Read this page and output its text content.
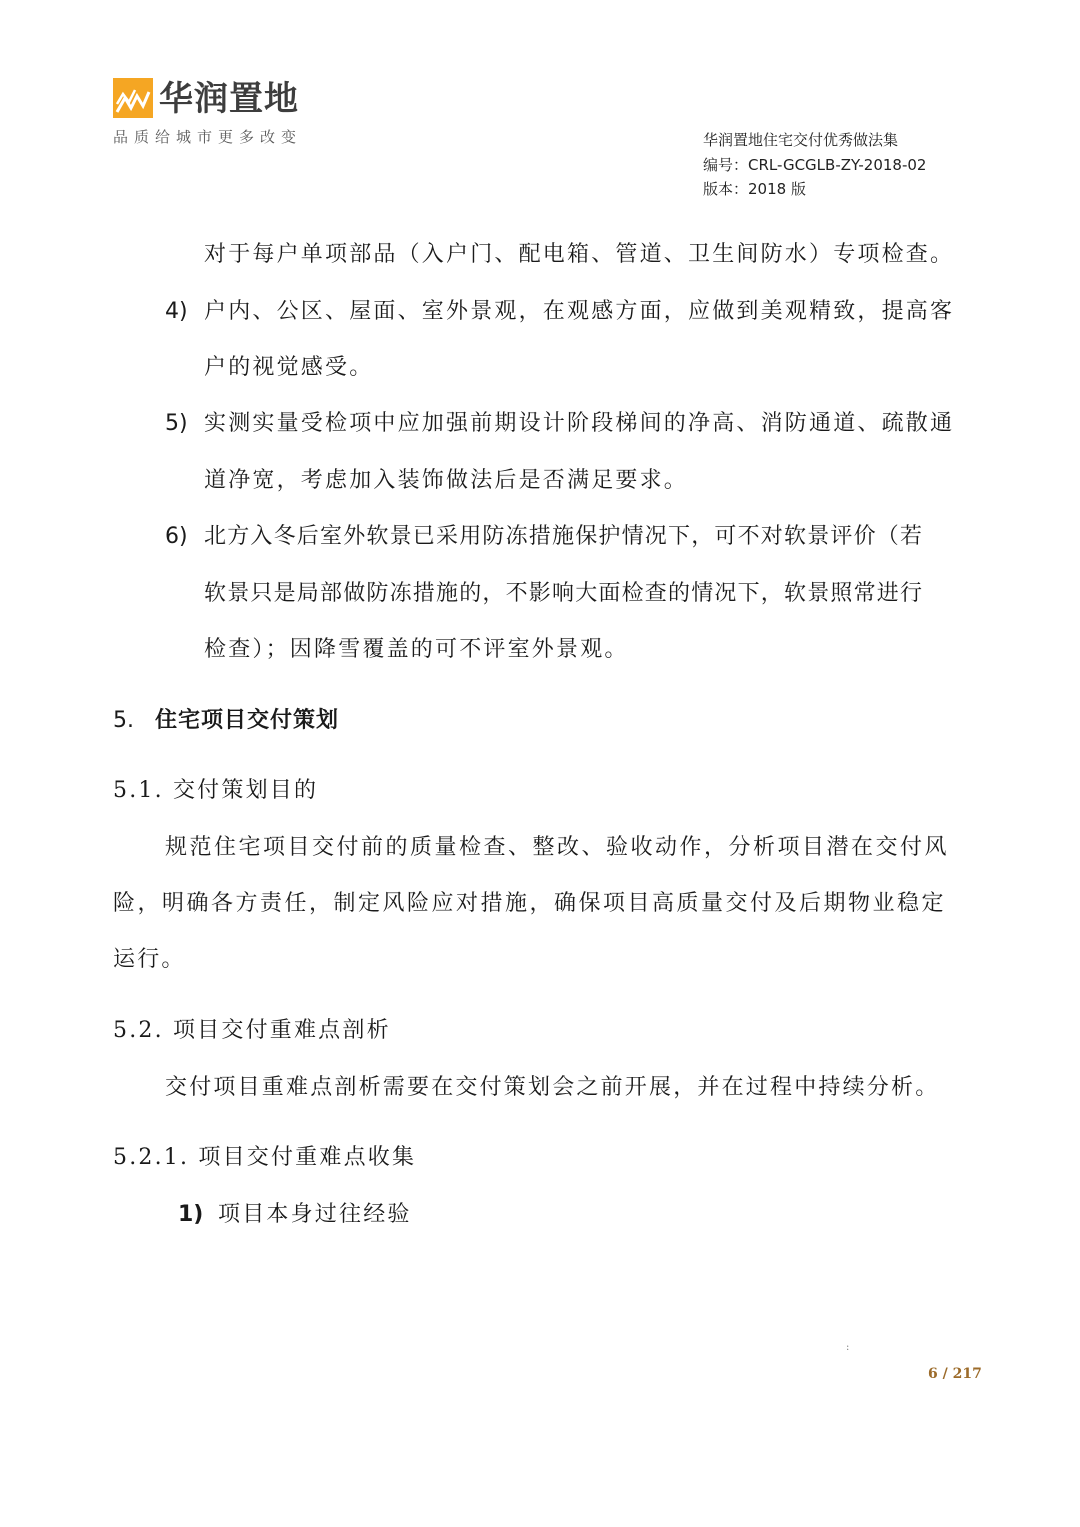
华润置地
品质给城市更多改变	华润置地住宅交付优秀做法集
编号：CRL-GCGLB-ZY-2018-02
版本：2018 版
对于每户单项部品（入户门、配电箱、管道、卫生间防水）专项检查。
4) 户内、公区、屋面、室外景观，在观感方面，应做到美观精致，提高客
户的视觉感受。
5) 实测实量受检项中应加强前期设计阶段梯间的净高、消防通道、疏散通
道净宽，考虑加入装饰做法后是否满足要求。
6) 北方入冬后室外软景已采用防冻措施保护情况下，可不对软景评价（若
软景只是局部做防冻措施的，不影响大面检查的情况下，软景照常进行
检查）；因降雪覆盖的可不评室外景观。
5. 住宅项目交付策划
5.1. 交付策划目的
规范住宅项目交付前的质量检查、整改、验收动作，分析项目潜在交付风
险，明确各方责任，制定风险应对措施，确保项目高质量交付及后期物业稳定
运行。
5.2. 项目交付重难点剖析
交付项目重难点剖析需要在交付策划会之前开展，并在过程中持续分析。
5.2.1. 项目交付重难点收集
1) 项目本身过往经验
:
6 / 217
